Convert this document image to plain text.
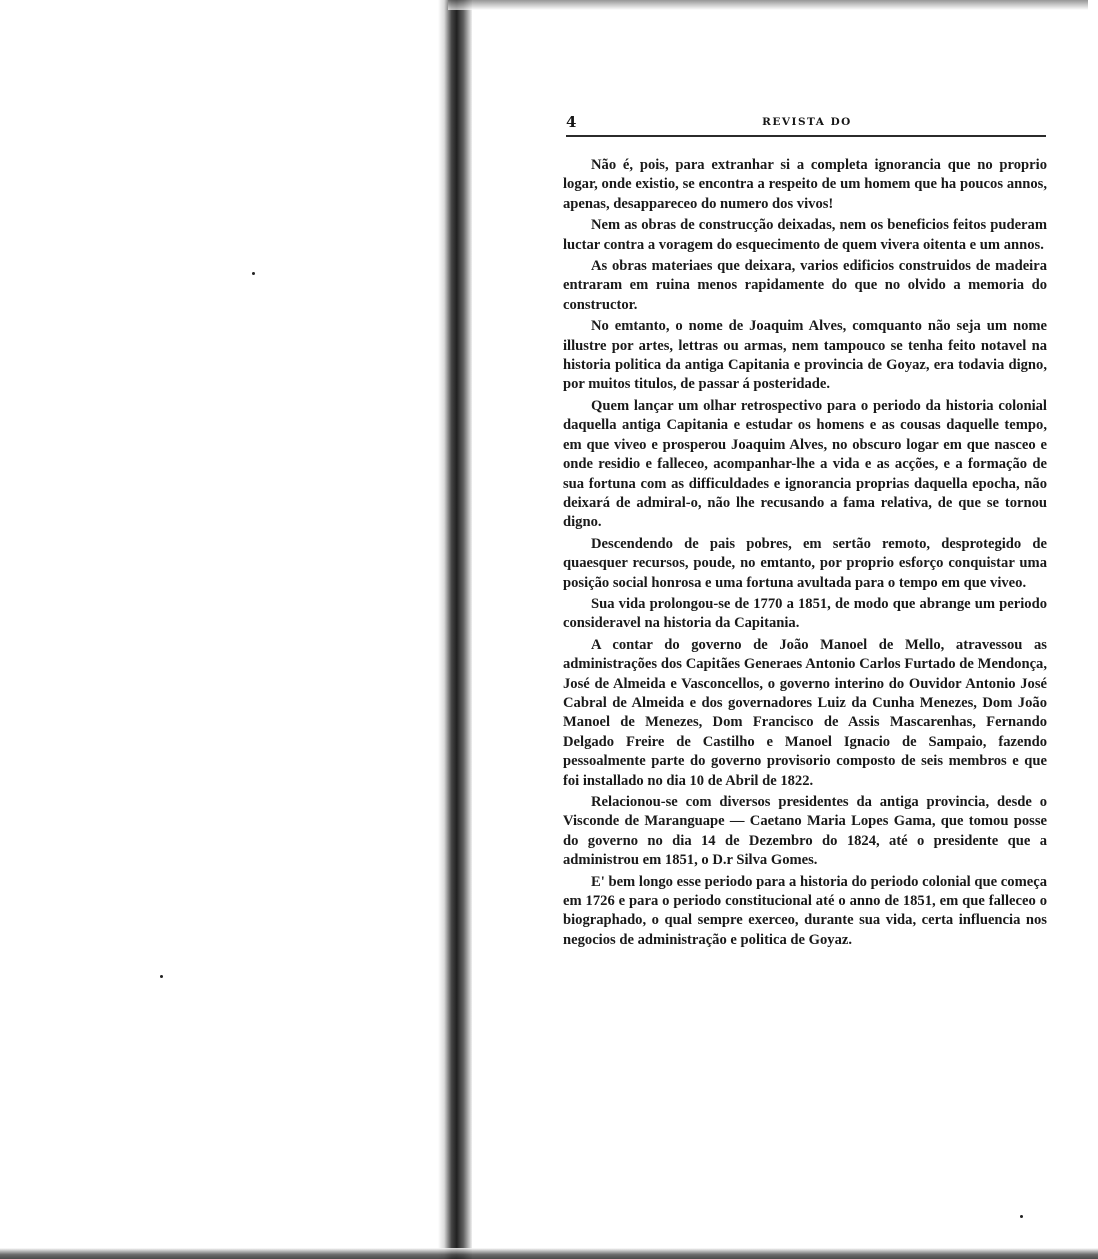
4	REVISTA DO

Não é, pois, para extranhar si a completa ignorancia que no proprio logar, onde existio, se encontra a respeito de um homem que ha poucos annos, apenas, desappareceo do numero dos vivos!

Nem as obras de construcção deixadas, nem os beneficios feitos puderam luctar contra a voragem do esquecimento de quem vivera oitenta e um annos.

As obras materiaes que deixara, varios edificios construidos de madeira entraram em ruina menos rapidamente do que no olvido a memoria do constructor.

No emtanto, o nome de Joaquim Alves, comquanto não seja um nome illustre por artes, lettras ou armas, nem tampouco se tenha feito notavel na historia politica da antiga Capitania e provincia de Goyaz, era todavia digno, por muitos titulos, de passar á posteridade.

Quem lançar um olhar retrospectivo para o periodo da historia colonial daquella antiga Capitania e estudar os homens e as cousas daquelle tempo, em que viveo e prosperou Joaquim Alves, no obscuro logar em que nasceo e onde residio e falleceo, acompanhar-lhe a vida e as acções, e a formação de sua fortuna com as difficuldades e ignorancia proprias daquella epocha, não deixará de admiral-o, não lhe recusando a fama relativa, de que se tornou digno.

Descendendo de pais pobres, em sertão remoto, desprotegido de quaesquer recursos, poude, no emtanto, por proprio esforço conquistar uma posição social honrosa e uma fortuna avultada para o tempo em que viveo.

Sua vida prolongou-se de 1770 a 1851, de modo que abrange um periodo consideravel na historia da Capitania.

A contar do governo de João Manoel de Mello, atravessou as administrações dos Capitães Generaes Antonio Carlos Furtado de Mendonça, José de Almeida e Vasconcellos, o governo interino do Ouvidor Antonio José Cabral de Almeida e dos governadores Luiz da Cunha Menezes, Dom João Manoel de Menezes, Dom Francisco de Assis Mascarenhas, Fernando Delgado Freire de Castilho e Manoel Ignacio de Sampaio, fazendo pessoalmente parte do governo provisorio composto de seis membros e que foi installado no dia 10 de Abril de 1822.

Relacionou-se com diversos presidentes da antiga provincia, desde o Visconde de Maranguape — Caetano Maria Lopes Gama, que tomou posse do governo no dia 14 de Dezembro do 1824, até o presidente que a administrou em 1851, o D.r Silva Gomes.

E' bem longo esse periodo para a historia do periodo colonial que começa em 1726 e para o periodo constitucional até o anno de 1851, em que falleceo o biographado, o qual sempre exerceo, durante sua vida, certa influencia nos negocios de administração e politica de Goyaz.
